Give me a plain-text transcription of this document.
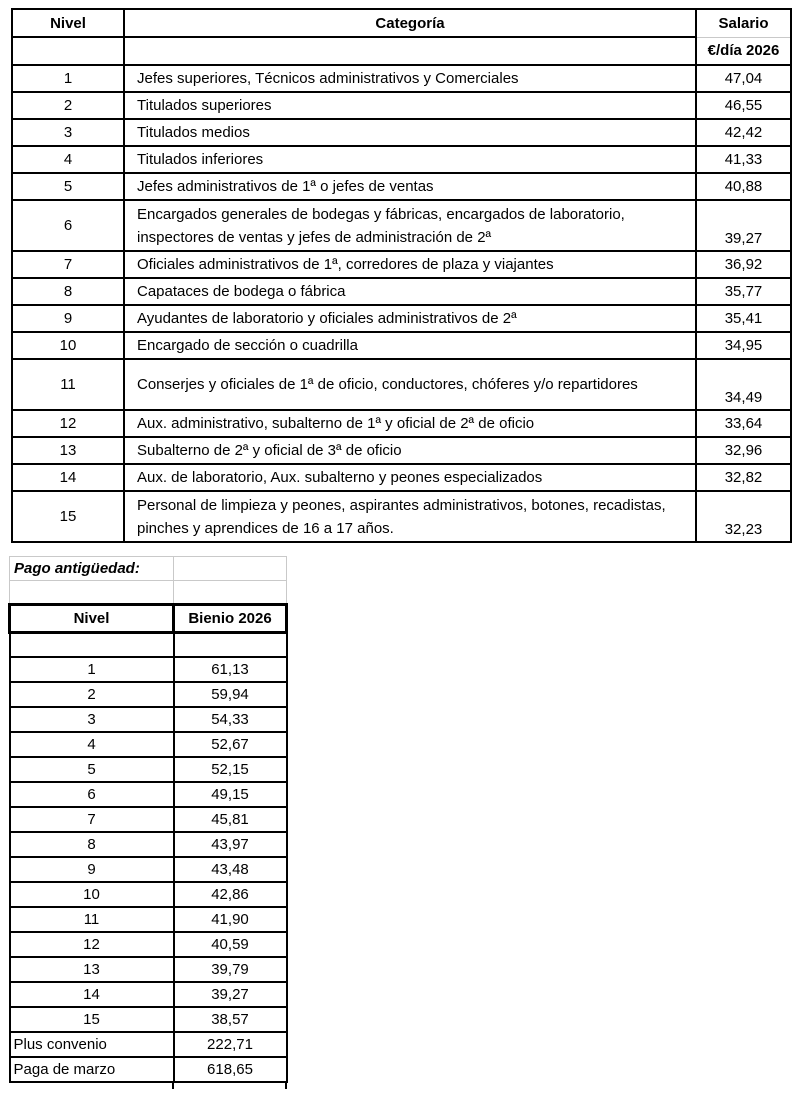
Nivel	Categoría	Salario
		€/día 2026
1	Jefes superiores, Técnicos administrativos y Comerciales	47,04
2	Titulados superiores	46,55
3	Titulados medios	42,42
4	Titulados inferiores	41,33
5	Jefes administrativos de 1ª o jefes de ventas	40,88
6	Encargados generales de bodegas y fábricas, encargados de laboratorio, inspectores de ventas y jefes de administración de 2ª	39,27
7	Oficiales administrativos de 1ª, corredores de plaza y viajantes	36,92
8	Capataces de bodega o fábrica	35,77
9	Ayudantes de laboratorio y oficiales administrativos de 2ª	35,41
10	Encargado de sección o cuadrilla	34,95
11	Conserjes y oficiales de 1ª de oficio, conductores, chóferes y/o repartidores	34,49
12	Aux. administrativo, subalterno de 1ª y oficial de 2ª de oficio	33,64
13	Subalterno de 2ª y oficial de 3ª de oficio	32,96
14	Aux. de laboratorio, Aux. subalterno y peones especializados	32,82
15	Personal de limpieza y peones, aspirantes administrativos, botones, recadistas, pinches y aprendices de 16 a 17 años.	32,23
Pago antigüedad:	

Nivel	Bienio 2026

1	61,13
2	59,94
3	54,33
4	52,67
5	52,15
6	49,15
7	45,81
8	43,97
9	43,48
10	42,86
11	41,90
12	40,59
13	39,79
14	39,27
15	38,57
Plus convenio	222,71
Paga de marzo	618,65
